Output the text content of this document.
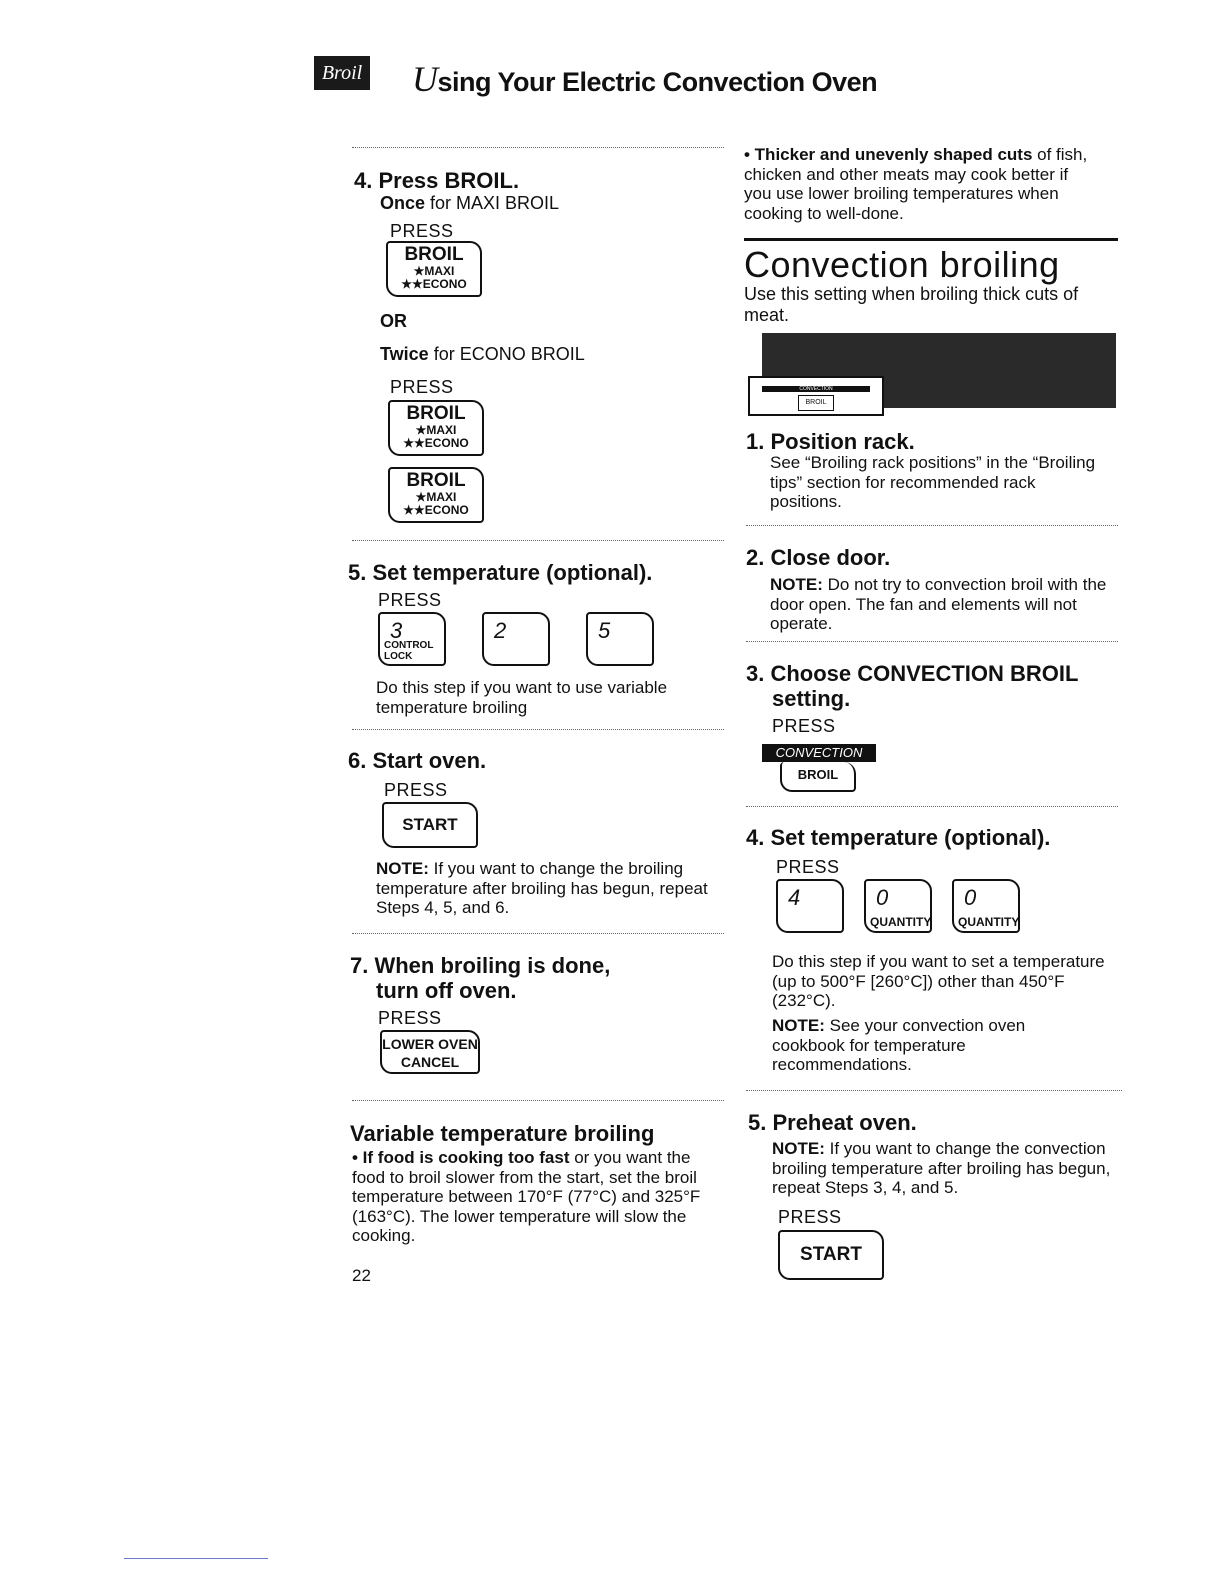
Broil Using Your Electric Convection Oven
4. Press BROIL.
Once for MAXI BROIL
PRESS
BROIL
★MAXI
★★ECONO
OR
Twice for ECONO BROIL
PRESS
BROIL
★MAXI
★★ECONO
BROIL
★MAXI
★★ECONO
5. Set temperature (optional).
PRESS
3
CONTROL LOCK
2	5
Do this step if you want to use variable temperature broiling
6. Start oven.
PRESS
START
NOTE: If you want to change the broiling temperature after broiling has begun, repeat Steps 4, 5, and 6.
7. When broiling is done,
turn off oven.
PRESS
LOWER OVEN
CANCEL
Variable temperature broiling
• If food is cooking too fast or you want the food to broil slower from the start, set the broil temperature between 170°F (77°C) and 325°F (163°C). The lower temperature will slow the cooking.
22
• Thicker and unevenly shaped cuts of fish, chicken and other meats may cook better if you use lower broiling temperatures when cooking to well-done.
Convection broiling
Use this setting when broiling thick cuts of meat.
CONVECTION
BROIL
1. Position rack.
See “Broiling rack positions” in the “Broiling tips” section for recommended rack positions.
2. Close door.
NOTE: Do not try to convection broil with the door open. The fan and elements will not operate.
3. Choose CONVECTION BROIL
setting.
PRESS
CONVECTION
BROIL
4. Set temperature (optional).
PRESS
4	0
QUANTITY
0
QUANTITY
Do this step if you want to set a temperature (up to 500°F [260°C]) other than 450°F (232°C).
NOTE: See your convection oven cookbook for temperature recommendations.
5. Preheat oven.
NOTE: If you want to change the convection broiling temperature after broiling has begun, repeat Steps 3, 4, and 5.
PRESS
START
